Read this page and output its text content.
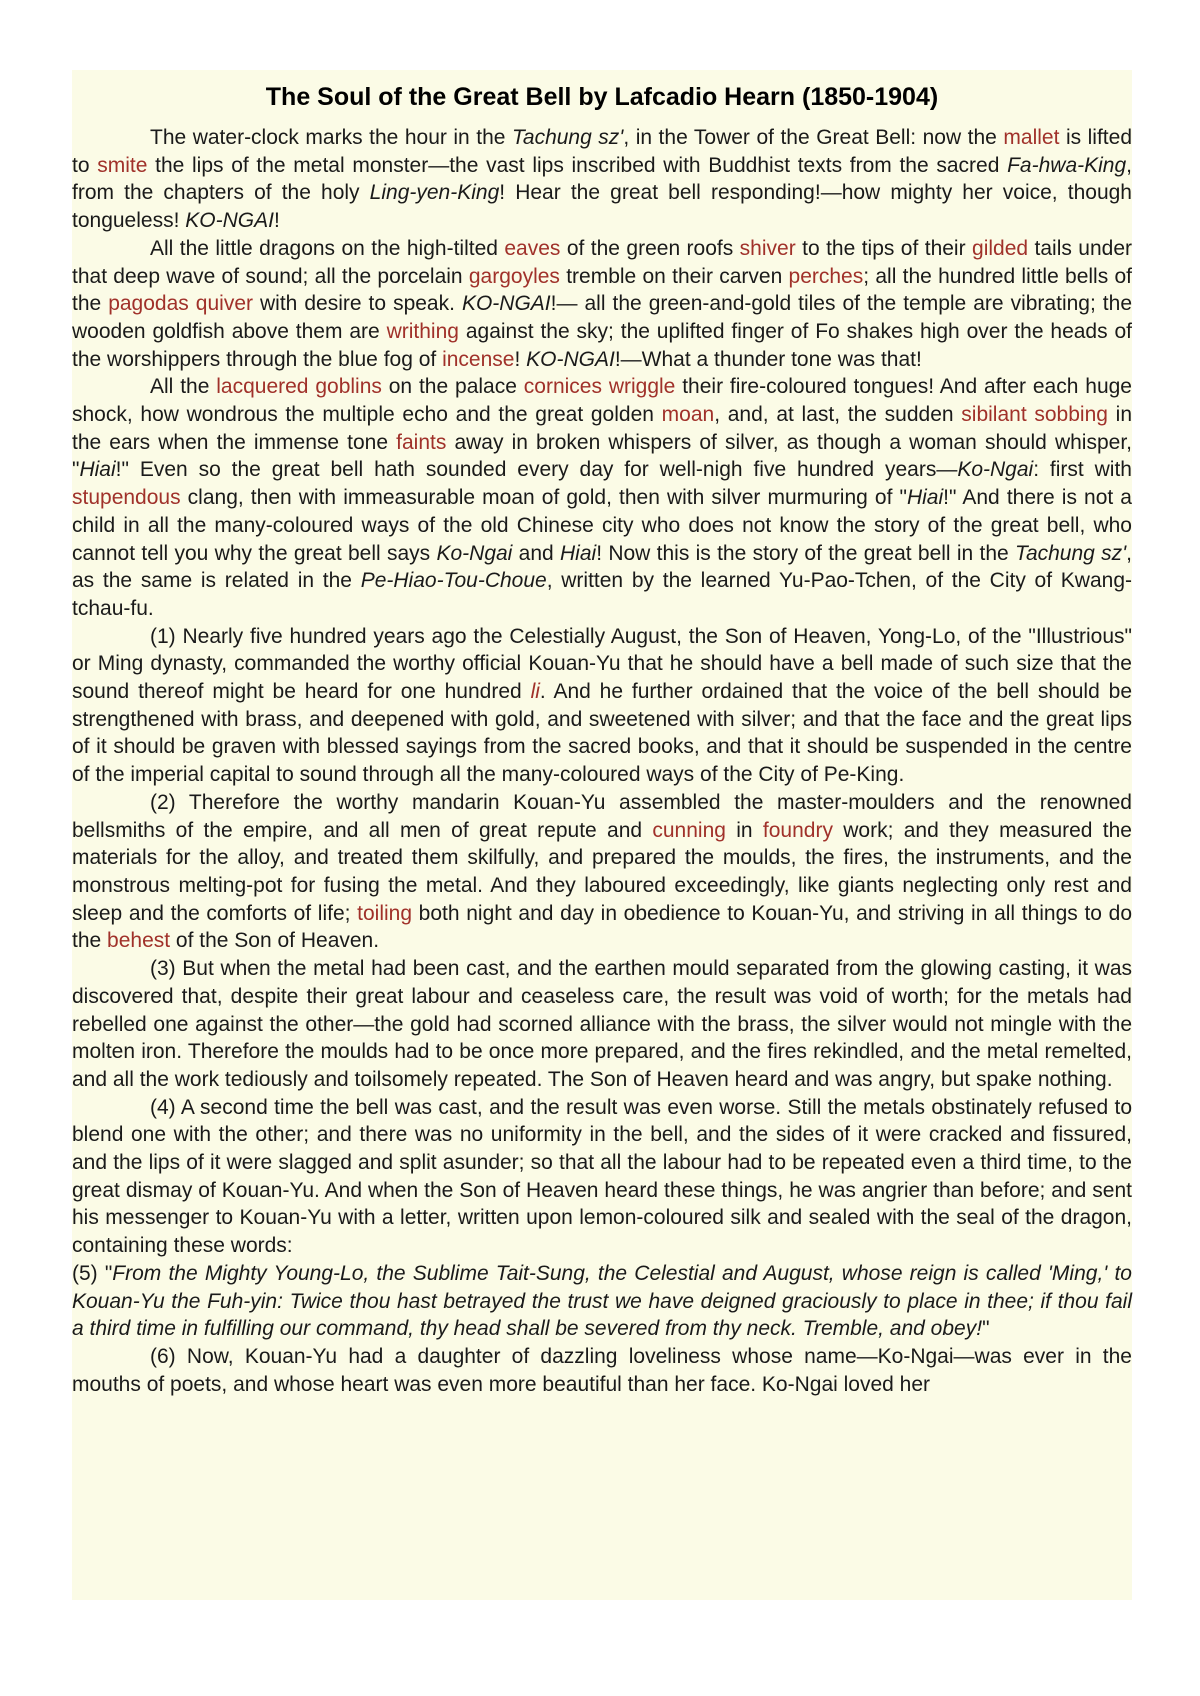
The Soul of the Great Bell by Lafcadio Hearn (1850-1904)

The water-clock marks the hour in the Tachung sz', in the Tower of the Great Bell: now the mallet is lifted to smite the lips of the metal monster—the vast lips inscribed with Buddhist texts from the sacred Fa-hwa-King, from the chapters of the holy Ling-yen-King! Hear the great bell responding!—how mighty her voice, though tongueless! KO-NGAI!

All the little dragons on the high-tilted eaves of the green roofs shiver to the tips of their gilded tails under that deep wave of sound; all the porcelain gargoyles tremble on their carven perches; all the hundred little bells of the pagodas quiver with desire to speak. KO-NGAI!— all the green-and-gold tiles of the temple are vibrating; the wooden goldfish above them are writhing against the sky; the uplifted finger of Fo shakes high over the heads of the worshippers through the blue fog of incense! KO-NGAI!—What a thunder tone was that!

All the lacquered goblins on the palace cornices wriggle their fire-coloured tongues! And after each huge shock, how wondrous the multiple echo and the great golden moan, and, at last, the sudden sibilant sobbing in the ears when the immense tone faints away in broken whispers of silver, as though a woman should whisper, "Hiai!" Even so the great bell hath sounded every day for well-nigh five hundred years—Ko-Ngai: first with stupendous clang, then with immeasurable moan of gold, then with silver murmuring of "Hiai!" And there is not a child in all the many-coloured ways of the old Chinese city who does not know the story of the great bell, who cannot tell you why the great bell says Ko-Ngai and Hiai! Now this is the story of the great bell in the Tachung sz', as the same is related in the Pe-Hiao-Tou-Choue, written by the learned Yu-Pao-Tchen, of the City of Kwang-tchau-fu.

(1) Nearly five hundred years ago the Celestially August, the Son of Heaven, Yong-Lo, of the "Illustrious" or Ming dynasty, commanded the worthy official Kouan-Yu that he should have a bell made of such size that the sound thereof might be heard for one hundred li. And he further ordained that the voice of the bell should be strengthened with brass, and deepened with gold, and sweetened with silver; and that the face and the great lips of it should be graven with blessed sayings from the sacred books, and that it should be suspended in the centre of the imperial capital to sound through all the many-coloured ways of the City of Pe-King.

(2) Therefore the worthy mandarin Kouan-Yu assembled the master-moulders and the renowned bellsmiths of the empire, and all men of great repute and cunning in foundry work; and they measured the materials for the alloy, and treated them skilfully, and prepared the moulds, the fires, the instruments, and the monstrous melting-pot for fusing the metal. And they laboured exceedingly, like giants neglecting only rest and sleep and the comforts of life; toiling both night and day in obedience to Kouan-Yu, and striving in all things to do the behest of the Son of Heaven.

(3) But when the metal had been cast, and the earthen mould separated from the glowing casting, it was discovered that, despite their great labour and ceaseless care, the result was void of worth; for the metals had rebelled one against the other—the gold had scorned alliance with the brass, the silver would not mingle with the molten iron. Therefore the moulds had to be once more prepared, and the fires rekindled, and the metal remelted, and all the work tediously and toilsomely repeated. The Son of Heaven heard and was angry, but spake nothing.

(4) A second time the bell was cast, and the result was even worse. Still the metals obstinately refused to blend one with the other; and there was no uniformity in the bell, and the sides of it were cracked and fissured, and the lips of it were slagged and split asunder; so that all the labour had to be repeated even a third time, to the great dismay of Kouan-Yu. And when the Son of Heaven heard these things, he was angrier than before; and sent his messenger to Kouan-Yu with a letter, written upon lemon-coloured silk and sealed with the seal of the dragon, containing these words:

(5) "From the Mighty Young-Lo, the Sublime Tait-Sung, the Celestial and August, whose reign is called 'Ming,' to Kouan-Yu the Fuh-yin: Twice thou hast betrayed the trust we have deigned graciously to place in thee; if thou fail a third time in fulfilling our command, thy head shall be severed from thy neck. Tremble, and obey!"

(6) Now, Kouan-Yu had a daughter of dazzling loveliness whose name—Ko-Ngai—was ever in the mouths of poets, and whose heart was even more beautiful than her face. Ko-Ngai loved her
